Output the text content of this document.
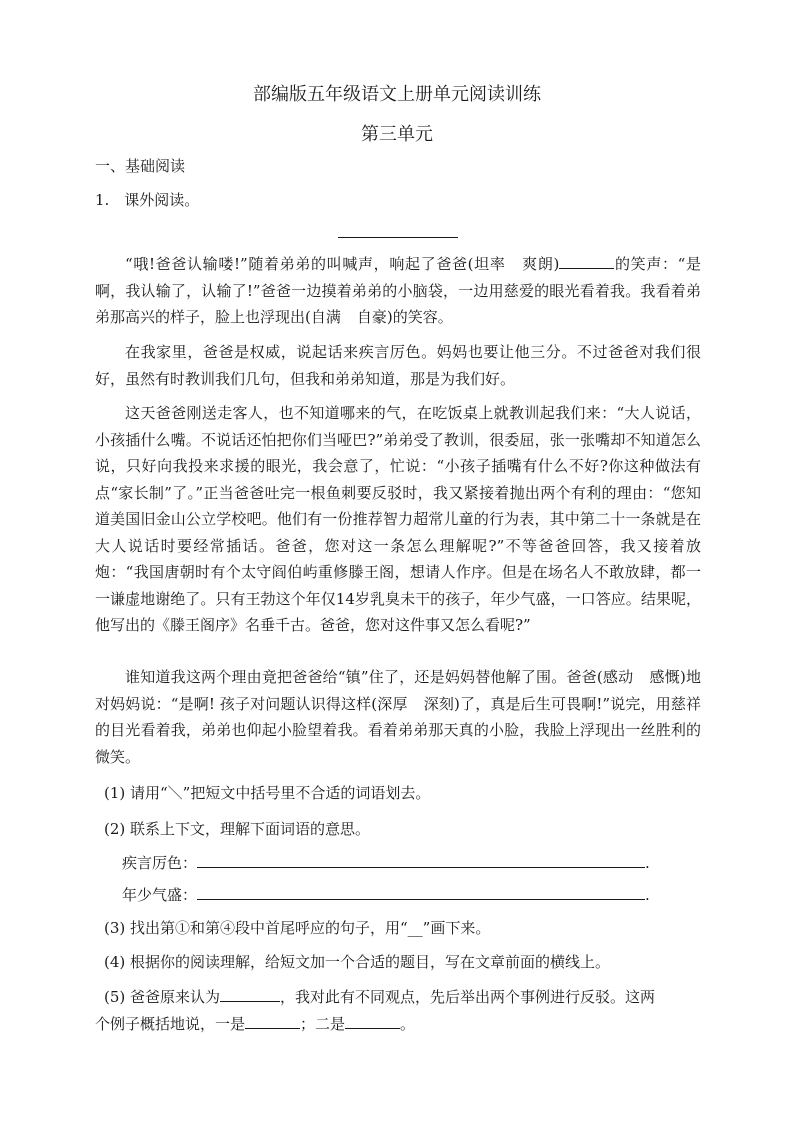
部编版五年级语文上册单元阅读训练
第三单元
一、基础阅读
1.　课外阅读。
“哦!爸爸认输喽!”随着弟弟的叫喊声，响起了爸爸(坦率 爽朗)	的笑声：“是啊，我认输了，认输了!”爸爸一边摸着弟弟的小脑袋，一边用慈爱的眼光看着我。我看着弟弟那高兴的样子，脸上也浮现出(自满 自豪)的笑容。
在我家里，爸爸是权威，说起话来疾言厉色。妈妈也要让他三分。不过爸爸对我们很好，虽然有时教训我们几句，但我和弟弟知道，那是为我们好。
这天爸爸刚送走客人，也不知道哪来的气，在吃饭桌上就教训起我们来：“大人说话，小孩插什么嘴。不说话还怕把你们当哑巴?”弟弟受了教训，很委屈，张一张嘴却不知道怎么说，只好向我投来求援的眼光，我会意了，忙说：“小孩子插嘴有什么不好?你这种做法有点“家长制”了。”正当爸爸吐完一根鱼刺要反驳时，我又紧接着抛出两个有利的理由：“您知道美国旧金山公立学校吧。他们有一份推荐智力超常儿童的行为表，其中第二十一条就是在大人说话时要经常插话。爸爸，您对这一条怎么理解呢?”不等爸爸回答，我又接着放炮：“我国唐朝时有个太守阎伯屿重修滕王阁，想请人作序。但是在场名人不敢放肆，都一一谦虚地谢绝了。只有王勃这个年仅14岁乳臭未干的孩子，年少气盛，一口答应。结果呢，他写出的《滕王阁序》名垂千古。爸爸，您对这件事又怎么看呢?”
谁知道我这两个理由竟把爸爸给“镇”住了，还是妈妈替他解了围。爸爸(感动 感慨)地对妈妈说：“是啊! 孩子对问题认识得这样(深厚 深刻)了，真是后生可畏啊!”说完，用慈祥的目光看着我，弟弟也仰起小脸望着我。看着弟弟那天真的小脸，我脸上浮现出一丝胜利的微笑。
(1) 请用“＼”把短文中括号里不合适的词语划去。
(2) 联系上下文，理解下面词语的意思。
疾言厉色：	.
年少气盛：	.
(3) 找出第①和第④段中首尾呼应的句子，用“__”画下来。
(4) 根据你的阅读理解，给短文加一个合适的题目，写在文章前面的横线上。
(5) 爸爸原来认为	，我对此有不同观点，先后举出两个事例进行反驳。这两
个例子概括地说，一是	；二是	。
